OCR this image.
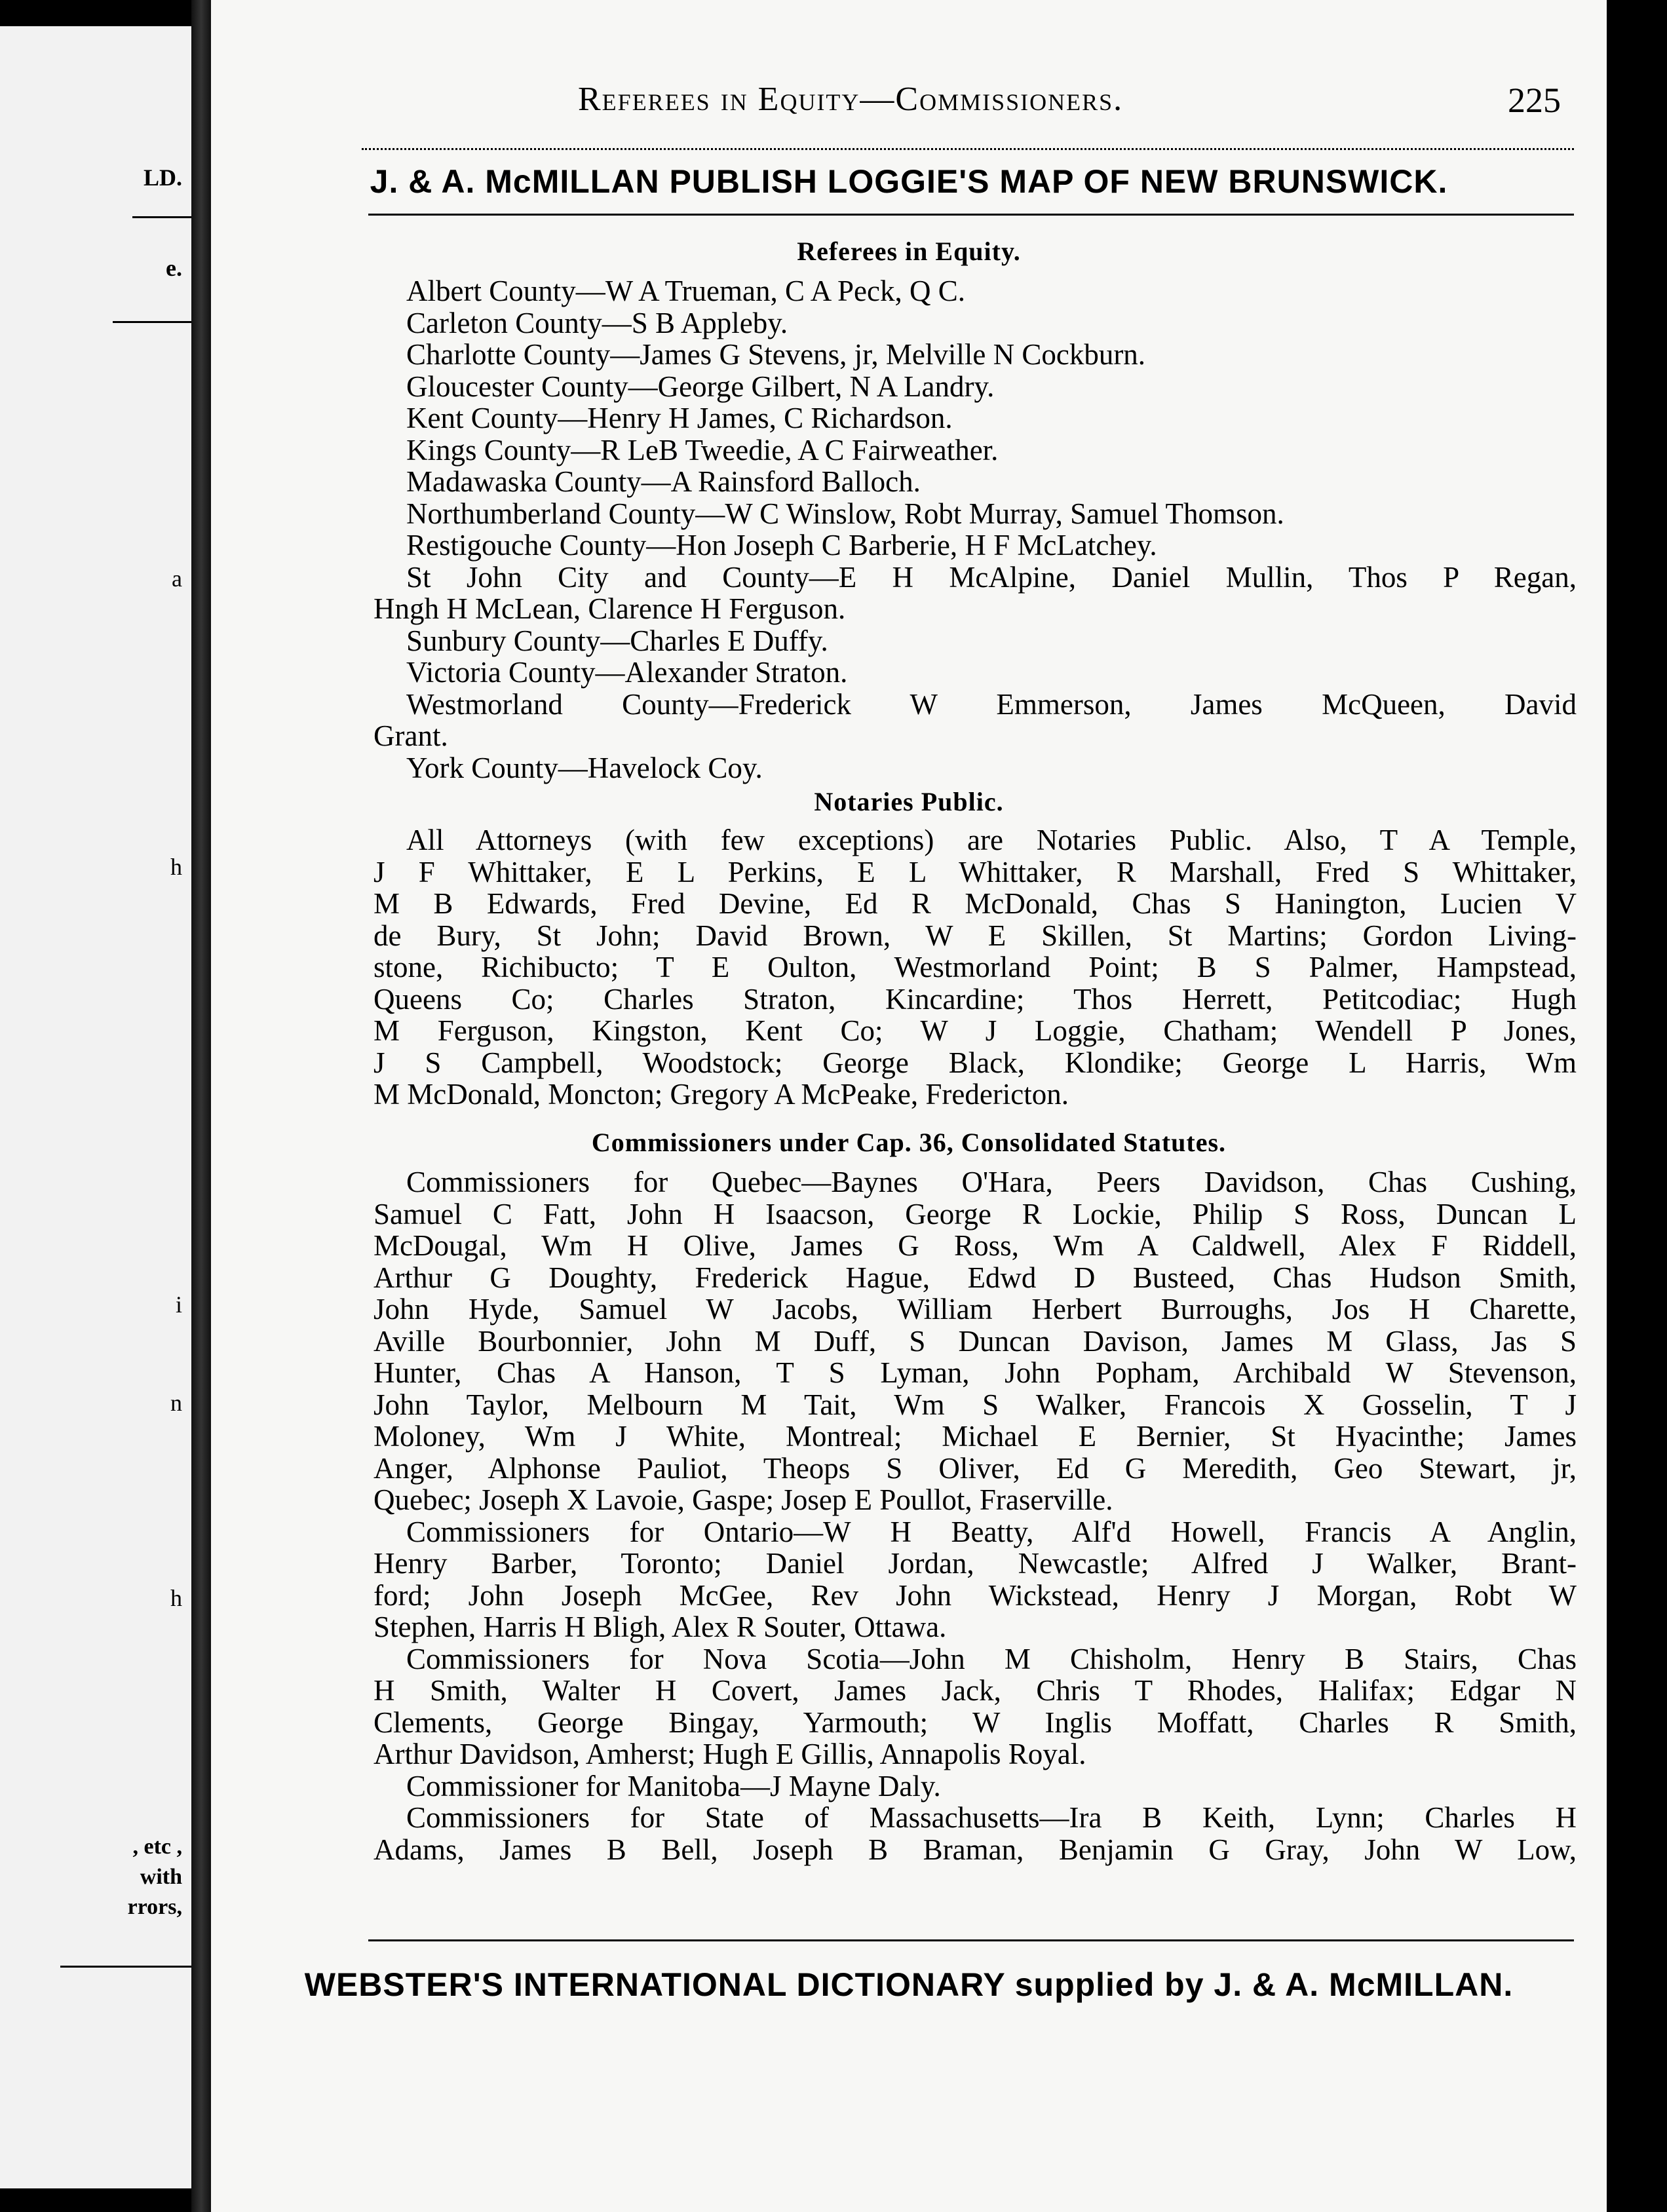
LD.
e.
a
h
i
n
h
, etc ,
with
rrors,
Referees in Equity—Commissioners.	225
J. & A. McMILLAN PUBLISH LOGGIE'S MAP OF NEW BRUNSWICK.
Referees in Equity.
Albert County—W A Trueman, C A Peck, Q C.
Carleton County—S B Appleby.
Charlotte County—James G Stevens, jr, Melville N Cockburn.
Gloucester County—George Gilbert, N A Landry.
Kent County—Henry H James, C Richardson.
Kings County—R LeB Tweedie, A C Fairweather.
Madawaska County—A Rainsford Balloch.
Northumberland County—W C Winslow, Robt Murray, Samuel Thomson.
Restigouche County—Hon Joseph C Barberie, H F McLatchey.
St John City and County—E H McAlpine, Daniel Mullin, Thos P Regan,
Hngh H McLean, Clarence H Ferguson.
Sunbury County—Charles E Duffy.
Victoria County—Alexander Straton.
Westmorland County—Frederick W Emmerson, James McQueen, David
Grant.
York County—Havelock Coy.
Notaries Public.
All Attorneys (with few exceptions) are Notaries Public. Also, T A Temple,
J F Whittaker, E L Perkins, E L Whittaker, R Marshall, Fred S Whittaker,
M B Edwards, Fred Devine, Ed R McDonald, Chas S Hanington, Lucien V
de Bury, St John; David Brown, W E Skillen, St Martins; Gordon Living-
stone, Richibucto; T E Oulton, Westmorland Point; B S Palmer, Hampstead,
Queens Co; Charles Straton, Kincardine; Thos Herrett, Petitcodiac; Hugh
M Ferguson, Kingston, Kent Co; W J Loggie, Chatham; Wendell P Jones,
J S Campbell, Woodstock; George Black, Klondike; George L Harris, Wm
M McDonald, Moncton; Gregory A McPeake, Fredericton.
Commissioners under Cap. 36, Consolidated Statutes.
Commissioners for Quebec—Baynes O'Hara, Peers Davidson, Chas Cushing,
Samuel C Fatt, John H Isaacson, George R Lockie, Philip S Ross, Duncan L
McDougal, Wm H Olive, James G Ross, Wm A Caldwell, Alex F Riddell,
Arthur G Doughty, Frederick Hague, Edwd D Busteed, Chas Hudson Smith,
John Hyde, Samuel W Jacobs, William Herbert Burroughs, Jos H Charette,
Aville Bourbonnier, John M Duff, S Duncan Davison, James M Glass, Jas S
Hunter, Chas A Hanson, T S Lyman, John Popham, Archibald W Stevenson,
John Taylor, Melbourn M Tait, Wm S Walker, Francois X Gosselin, T J
Moloney, Wm J White, Montreal; Michael E Bernier, St Hyacinthe; James
Anger, Alphonse Pauliot, Theops S Oliver, Ed G Meredith, Geo Stewart, jr,
Quebec; Joseph X Lavoie, Gaspe; Josep E Poullot, Fraserville.
Commissioners for Ontario—W H Beatty, Alf'd Howell, Francis A Anglin,
Henry Barber, Toronto; Daniel Jordan, Newcastle; Alfred J Walker, Brant-
ford; John Joseph McGee, Rev John Wickstead, Henry J Morgan, Robt W
Stephen, Harris H Bligh, Alex R Souter, Ottawa.
Commissioners for Nova Scotia—John M Chisholm, Henry B Stairs, Chas
H Smith, Walter H Covert, James Jack, Chris T Rhodes, Halifax; Edgar N
Clements, George Bingay, Yarmouth; W Inglis Moffatt, Charles R Smith,
Arthur Davidson, Amherst; Hugh E Gillis, Annapolis Royal.
Commissioner for Manitoba—J Mayne Daly.
Commissioners for State of Massachusetts—Ira B Keith, Lynn; Charles H
Adams, James B Bell, Joseph B Braman, Benjamin G Gray, John W Low,
WEBSTER'S INTERNATIONAL DICTIONARY supplied by J. & A. McMILLAN.
